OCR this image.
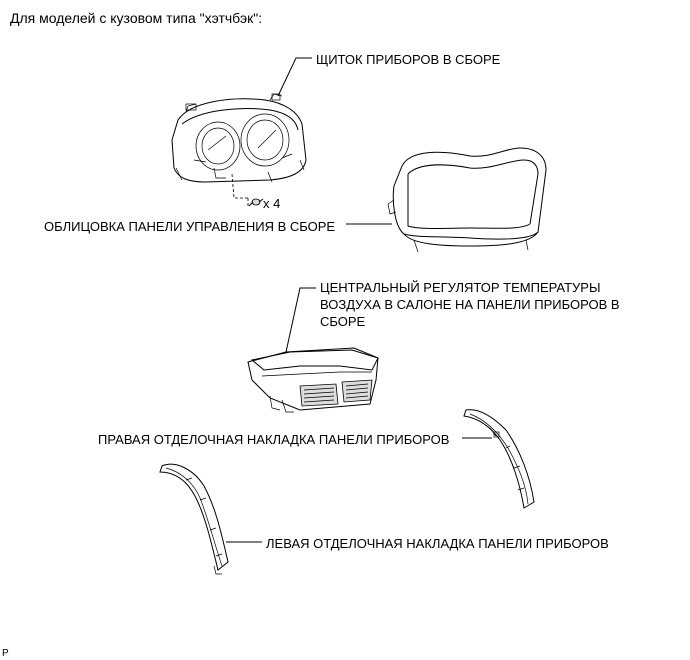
Для моделей с кузовом типа "хэтчбэк":
ЩИТОК ПРИБОРОВ В СБОРЕ
x 4
ОБЛИЦОВКА ПАНЕЛИ УПРАВЛЕНИЯ В СБОРЕ
ЦЕНТРАЛЬНЫЙ РЕГУЛЯТОР ТЕМПЕРАТУРЫ ВОЗДУХА В САЛОНЕ НА ПАНЕЛИ ПРИБОРОВ В СБОРЕ
ПРАВАЯ ОТДЕЛОЧНАЯ НАКЛАДКА ПАНЕЛИ ПРИБОРОВ
ЛЕВАЯ ОТДЕЛОЧНАЯ НАКЛАДКА ПАНЕЛИ ПРИБОРОВ
P
